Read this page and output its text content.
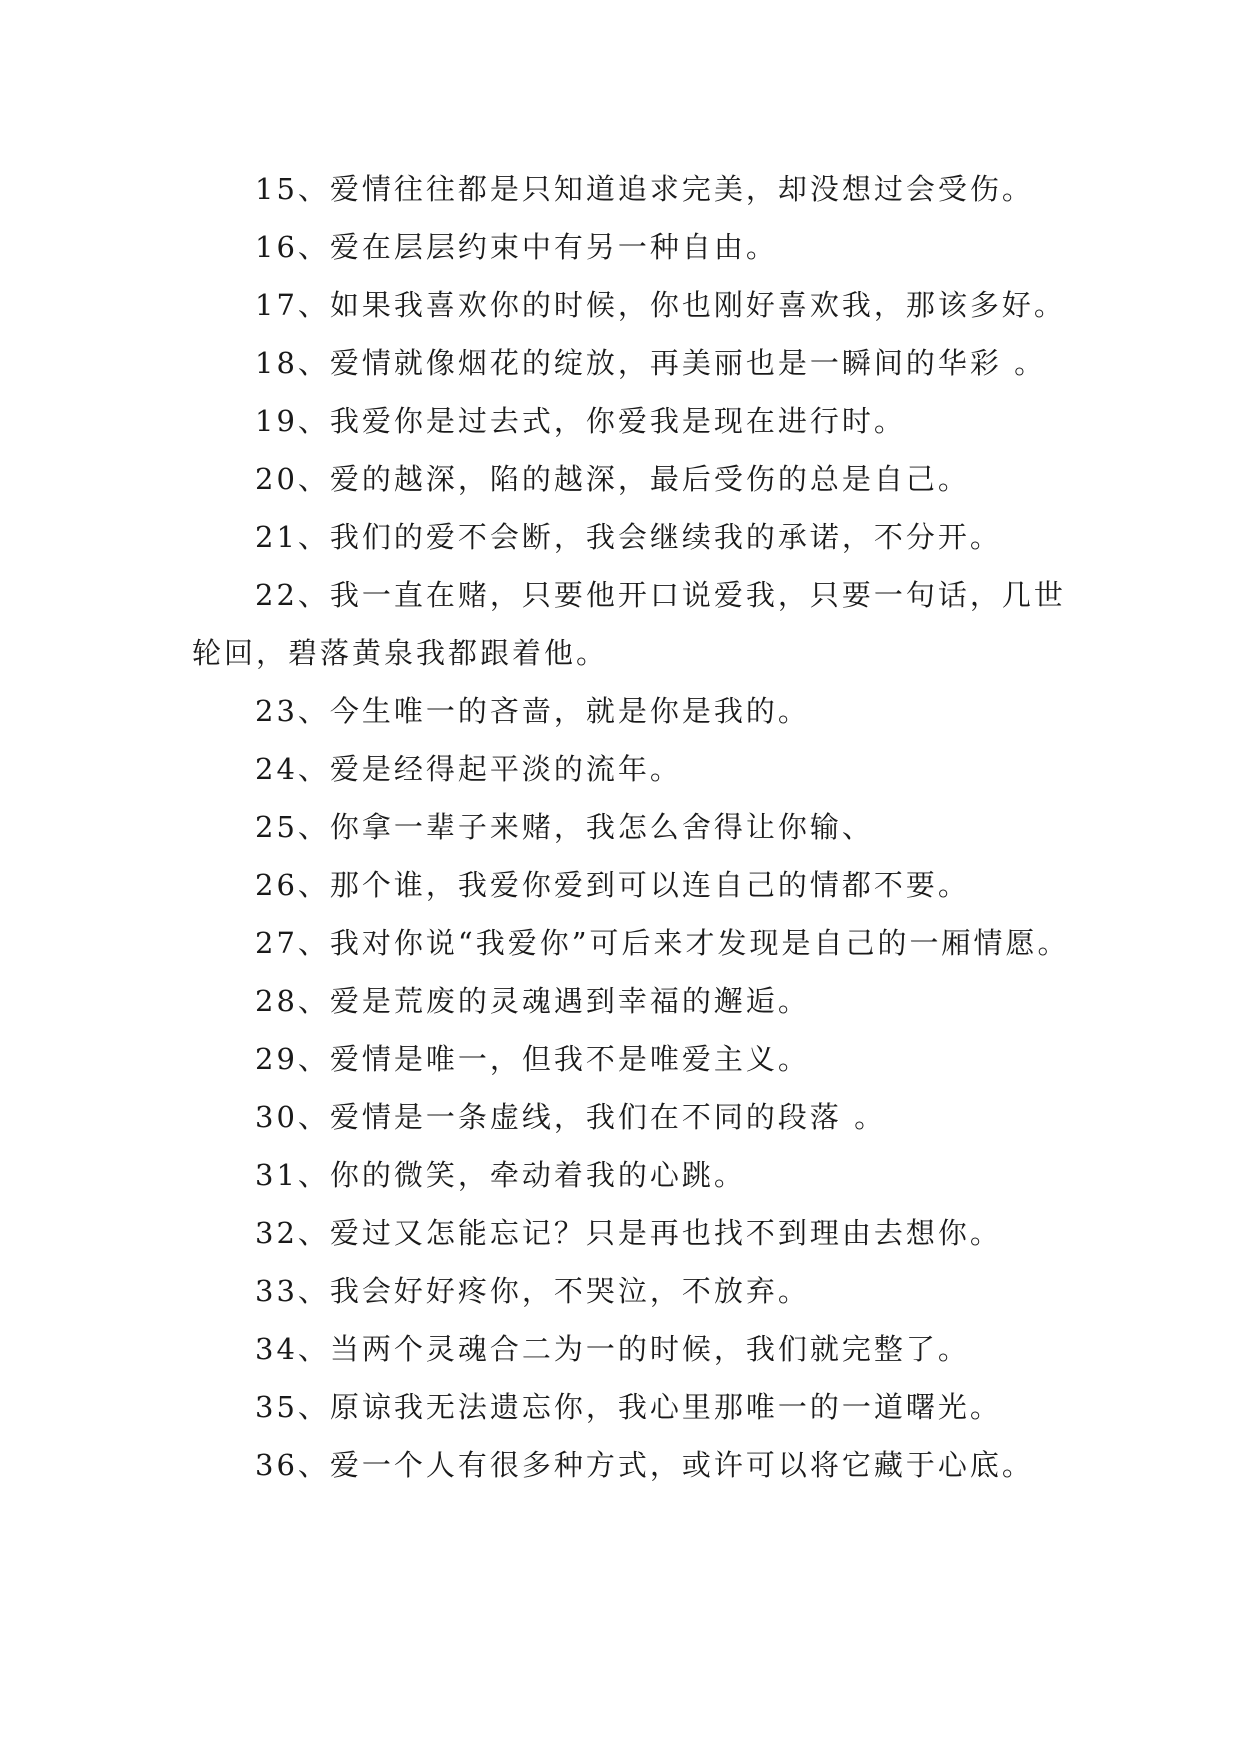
15、爱情往往都是只知道追求完美，却没想过会受伤。

16、爱在层层约束中有另一种自由。

17、如果我喜欢你的时候，你也刚好喜欢我，那该多好。

18、爱情就像烟花的绽放，再美丽也是一瞬间的华彩 。

19、我爱你是过去式，你爱我是现在进行时。

20、爱的越深，陷的越深，最后受伤的总是自己。

21、我们的爱不会断，我会继续我的承诺，不分开。

22、我一直在赌，只要他开口说爱我，只要一句话，几世轮回，碧落黄泉我都跟着他。

23、今生唯一的吝啬，就是你是我的。

24、爱是经得起平淡的流年。

25、你拿一辈子来赌，我怎么舍得让你输、

26、那个谁，我爱你爱到可以连自己的情都不要。

27、我对你说“我爱你”可后来才发现是自己的一厢情愿。

28、爱是荒废的灵魂遇到幸福的邂逅。

29、爱情是唯一，但我不是唯爱主义。

30、爱情是一条虚线，我们在不同的段落 。

31、你的微笑，牵动着我的心跳。

32、爱过又怎能忘记？只是再也找不到理由去想你。

33、我会好好疼你，不哭泣，不放弃。

34、当两个灵魂合二为一的时候，我们就完整了。

35、原谅我无法遗忘你，我心里那唯一的一道曙光。

36、爱一个人有很多种方式，或许可以将它藏于心底。
